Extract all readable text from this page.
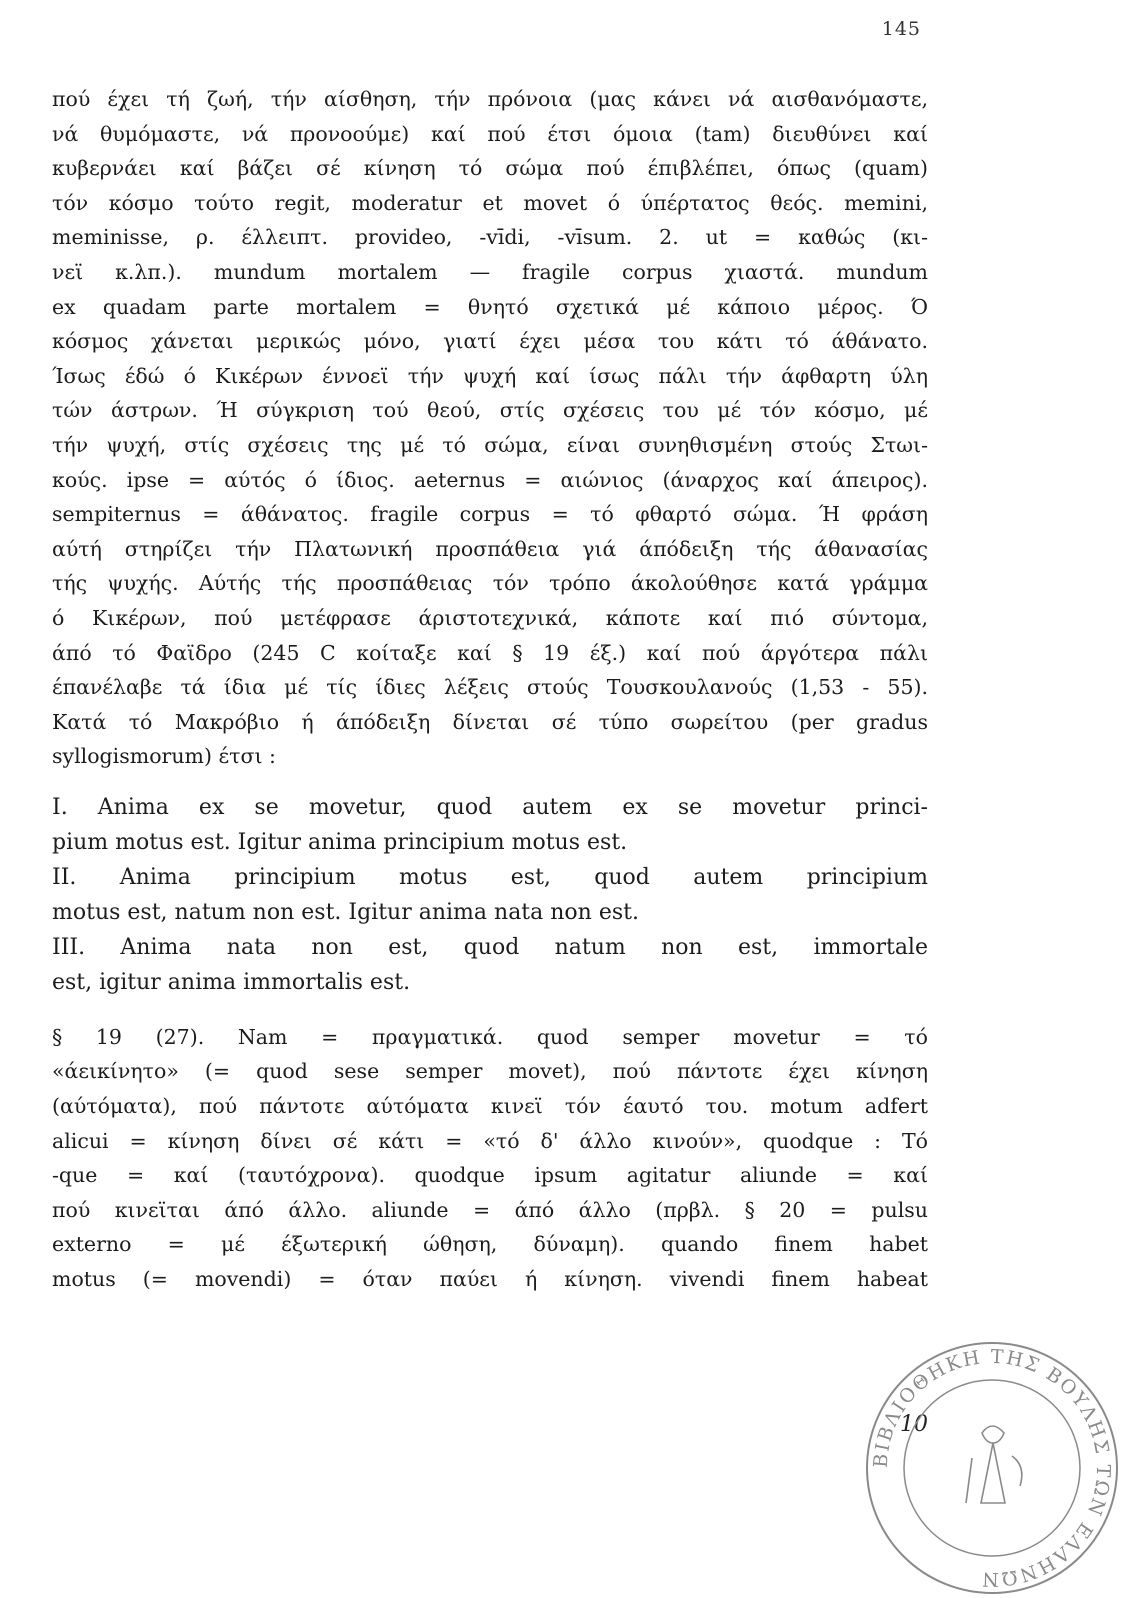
145
πού έχει τή ζωή, τήν αίσθηση, τήν πρόνοια (μας κάνει νά αισθανόμαστε,
νά θυμόμαστε, νά προνοούμε) καί πού έτσι όμοια (tam) διευθύνει καί
κυβερνάει καί βάζει σέ κίνηση τό σώμα πού έπιβλέπει, όπως (quam)
τόν κόσμο τούτο regit, moderatur et movet ό ύπέρτατος θεός. memini,
meminisse, ρ. έλλειπτ. provideo, -vīdi, -vīsum. 2. ut = καθώς (κι-
νεϊ κ.λπ.). mundum mortalem — fragile corpus χιαστά. mundum
ex quadam parte mortalem = θνητό σχετικά μέ κάποιο μέρος. Ό
κόσμος χάνεται μερικώς μόνο, γιατί έχει μέσα του κάτι τό άθάνατο.
Ίσως έδώ ό Κικέρων έννοεϊ τήν ψυχή καί ίσως πάλι τήν άφθαρτη ύλη
τών άστρων. Ή σύγκριση τού θεού, στίς σχέσεις του μέ τόν κόσμο, μέ
τήν ψυχή, στίς σχέσεις της μέ τό σώμα, είναι συνηθισμένη στούς Στωι-
κούς. ipse = αύτός ό ίδιος. aeternus = αιώνιος (άναρχος καί άπειρος).
sempiternus = άθάνατος. fragile corpus = τό φθαρτό σώμα. Ή φράση
αύτή στηρίζει τήν Πλατωνική προσπάθεια γιά άπόδειξη τής άθανασίας
τής ψυχής. Αύτής τής προσπάθειας τόν τρόπο άκολούθησε κατά γράμμα
ό Κικέρων, πού μετέφρασε άριστοτεχνικά, κάποτε καί πιό σύντομα,
άπό τό Φαϊδρο (245 C κοίταξε καί § 19 έξ.) καί πού άργότερα πάλι
έπανέλαβε τά ίδια μέ τίς ίδιες λέξεις στούς Τουσκουλανούς (1,53 - 55).
Κατά τό Μακρόβιο ή άπόδειξη δίνεται σέ τύπο σωρείτου (per gradus
syllogismorum) έτσι :
I. Anima ex se movetur, quod autem ex se movetur princi-
pium motus est. Igitur anima principium motus est.
II. Anima principium motus est, quod autem principium
motus est, natum non est. Igitur anima nata non est.
III. Anima nata non est, quod natum non est, immortale
est, igitur anima immortalis est.
§ 19 (27). Nam = πραγματικά. quod semper movetur = τό
«άεικίνητο» (= quod sese semper movet), πού πάντοτε έχει κίνηση
(αύτόματα), πού πάντοτε αύτόματα κινεϊ τόν έαυτό του. motum adfert
alicui = κίνηση δίνει σέ κάτι = «τό δ' άλλο κινούν», quodque : Τό
-que = καί (ταυτόχρονα). quodque ipsum agitatur aliunde = καί
πού κινεϊται άπό άλλο. aliunde = άπό άλλο (πρβλ. § 20 = pulsu
externo = μέ έξωτερική ώθηση, δύναμη). quando finem habet
motus (= movendi) = όταν παύει ή κίνηση. vivendi finem habeat
10
ΒΙΒΛΙΟΘΗΚΗ ΤΗΣ ΒΟΥΛΗΣ ΤΩΝ ΕΛΛΗΝΩΝ
